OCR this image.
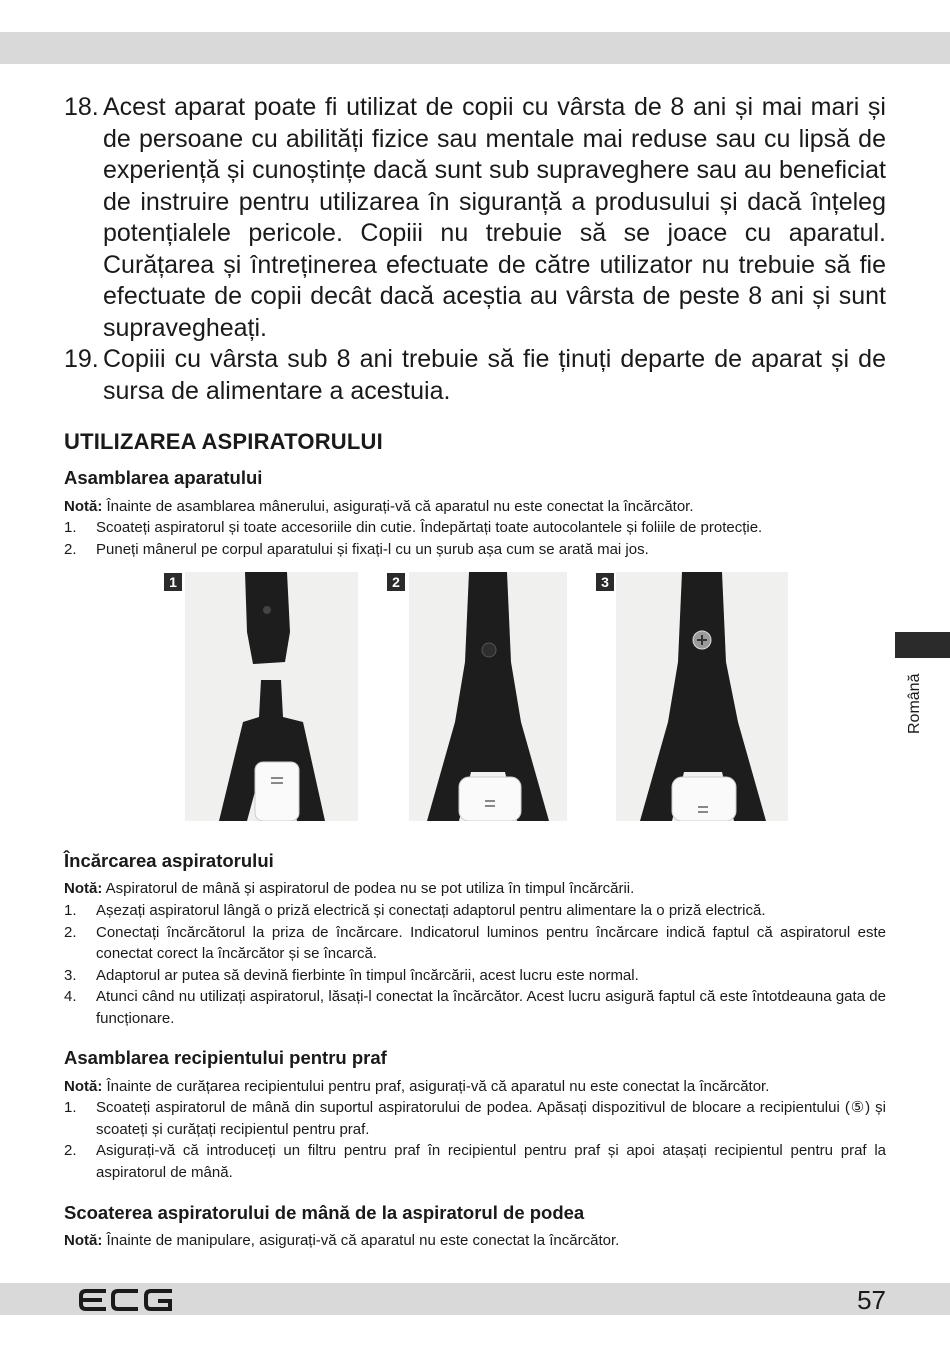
18. Acest aparat poate fi utilizat de copii cu vârsta de 8 ani și mai mari și de persoane cu abilități fizice sau mentale mai reduse sau cu lipsă de experiență și cunoștințe dacă sunt sub supraveghere sau au beneficiat de instruire pentru utilizarea în siguranță a produsului și dacă înțeleg potențialele pericole. Copiii nu trebuie să se joace cu aparatul. Curățarea și întreținerea efectuate de către utilizator nu trebuie să fie efectuate de copii decât dacă aceștia au vârsta de peste 8 ani și sunt supravegheați.

19. Copiii cu vârsta sub 8 ani trebuie să fie ținuți departe de aparat și de sursa de alimentare a acestuia.

UTILIZAREA ASPIRATORULUI
Asamblarea aparatului

Notă: Înainte de asamblarea mânerului, asigurați-vă că aparatul nu este conectat la încărcător.

1. Scoateți aspiratorul și toate accesoriile din cutie. Îndepărtați toate autocolantele și foliile de protecție.
2. Puneți mânerul pe corpul aparatului și fixați-l cu un șurub așa cum se arată mai jos.
1	2	3
Încărcarea aspiratorului

Notă: Aspiratorul de mână și aspiratorul de podea nu se pot utiliza în timpul încărcării.

1. Așezați aspiratorul lângă o priză electrică și conectați adaptorul pentru alimentare la o priză electrică.
2. Conectați încărcătorul la priza de încărcare. Indicatorul luminos pentru încărcare indică faptul că aspiratorul este conectat corect la încărcător și se încarcă.
3. Adaptorul ar putea să devină fierbinte în timpul încărcării, acest lucru este normal.
4. Atunci când nu utilizați aspiratorul, lăsați-l conectat la încărcător. Acest lucru asigură faptul că este întotdeauna gata de funcționare.
Asamblarea recipientului pentru praf

Notă: Înainte de curățarea recipientului pentru praf, asigurați-vă că aparatul nu este conectat la încărcător.

1. Scoateți aspiratorul de mână din suportul aspiratorului de podea. Apăsați dispozitivul de blocare a recipientului (⑤) și scoateți și curățați recipientul pentru praf.
2. Asigurați-vă că introduceți un filtru pentru praf în recipientul pentru praf și apoi atașați recipientul pentru praf la aspiratorul de mână.
Scoaterea aspiratorului de mână de la aspiratorul de podea

Notă: Înainte de manipulare, asigurați-vă că aparatul nu este conectat la încărcător.

Română
57
